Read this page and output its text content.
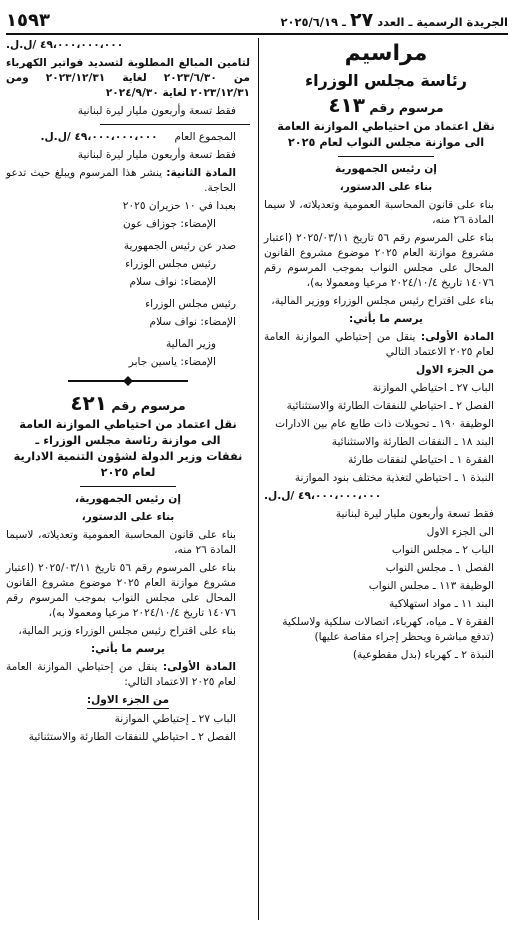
الجريدة الرسمية ـ العدد ٢٧ ـ ٢٠٢٥/٦/١٩
١٥٩٣
مراسيم
رئاسة مجلس الوزراء
مرسوم رقم ٤١٣
نقل اعتماد من احتياطي الموازنة العامة
الى موازنة مجلس النواب لعام ٢٠٢٥

إن رئيس الجمهورية

بناء على الدستور،

بناء على قانون المحاسبة العمومية وتعديلاته، لا سيما المادة ٢٦ منه،

بناء على المرسوم رقم ٥٦ تاريخ ٢٠٢٥/٠٣/١١ (اعتبار مشروع موازنة العام ٢٠٢٥ موضوع مشروع القانون المحال على مجلس النواب بموجب المرسوم رقم ١٤٠٧٦ تاريخ ٢٠٢٤/١٠/٤ مرعيا ومعمولا به)،

بناء على اقتراح رئيس مجلس الوزراء ووزير المالية،

يرسم ما يأتي:

المادة الأولى: ينقل من إحتياطي الموازنة العامة لعام ٢٠٢٥ الاعتماد التالي

من الجزء الاول

الباب ٢٧ ـ احتياطي الموازنة

الفصل ٢ ـ احتياطي للنفقات الطارئة والاستثنائية

الوظيفة ١٩٠ ـ تحويلات ذات طابع عام بين الادارات

البند ١٨ ـ النفقات الطارئة والاستثنائية

الفقرة ١ ـ احتياطي لنفقات طارئة

النبذة ١ ـ احتياطي لتغذية مختلف بنود الموازنة

٤٩،٠٠٠،٠٠٠،٠٠٠ /ل.ل.

فقط تسعة وأربعون مليار ليرة لبنانية

الى الجزء الاول

الباب ٢ ـ مجلس النواب

الفصل ١ ـ مجلس النواب

الوظيفة ١١٣ ـ مجلس النواب

البند ١١ ـ مواد استهلاكية

الفقرة ٧ ـ مياه، كهرباء، اتصالات سلكية ولاسلكية (تدفع مباشرة ويحظر إجراء مقاصة عليها)

النبذة ٢ ـ كهرباء (بدل مقطوعية)

٤٩،٠٠٠،٠٠٠،٠٠٠ /ل.ل.

لتامين المبالغ المطلوبة لتسديد فواتير الكهرباء من ٢٠٢٣/٦/٣٠ لغاية ٢٠٢٣/١٢/٣١ ومن ٢٠٢٣/١٢/٣١ لغاية ٢٠٢٤/٩/٣٠

فقط تسعة وأربعون مليار ليرة لبنانية

المجموع العام     ٤٩،٠٠٠،٠٠٠،٠٠٠ /ل.ل.

فقط تسعة وأربعون مليار ليرة لبنانية

المادة الثانية: ينشر هذا المرسوم ويبلغ حيث تدعو الحاجة.

بعبدا في ١٠ حزيران ٢٠٢٥

الإمضاء: جوزاف عون

صدر عن رئيس الجمهورية

رئيس مجلس الوزراء

الإمضاء: نواف سلام

رئيس مجلس الوزراء

الإمضاء: نواف سلام

وزير المالية

الإمضاء: ياسين جابر

مرسوم رقم ٤٢١
نقل اعتماد من احتياطي الموازنة العامة
الى موازنة رئاسة مجلس الوزراء ـ
نفقات وزير الدولة لشؤون التنمية الادارية
لعام ٢٠٢٥

إن رئيس الجمهورية،

بناء على الدستور،

بناء على قانون المحاسبة العمومية وتعديلاته، لاسيما المادة ٢٦ منه،

بناء على المرسوم رقم ٥٦ تاريخ ٢٠٢٥/٠٣/١١ (اعتبار مشروع موازنة العام ٢٠٢٥ موضوع مشروع القانون المحال على مجلس النواب بموجب المرسوم رقم ١٤٠٧٦ تاريخ ٢٠٢٤/١٠/٤ مرعيا ومعمولا به)،

بناء على اقتراح رئيس مجلس الوزراء وزير المالية،

يرسم ما يأتي:

المادة الأولى: ينقل من إحتياطي الموازنة العامة لعام ٢٠٢٥ الاعتماد التالي:

من الجزء الاول:

الباب ٢٧ ـ إحتياطي الموازنة

الفصل ٢ ـ احتياطي للنفقات الطارئة والاستثنائية
